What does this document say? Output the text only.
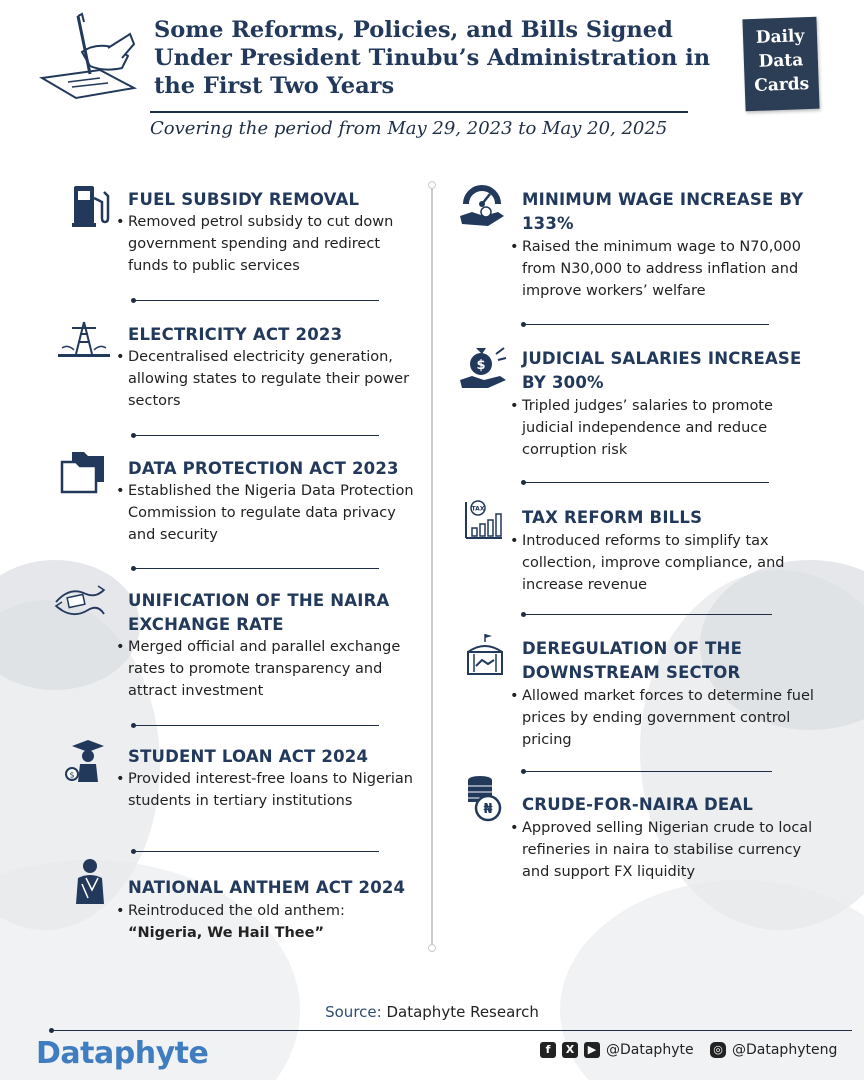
Some Reforms, Policies, and Bills Signed Under President Tinubu’s Administration in the First Two Years
Daily
Data
Cards
Covering the period from May 29, 2023 to May 20, 2025
FUEL SUBSIDY REMOVAL
• Removed petrol subsidy to cut down government spending and redirect funds to public services
ELECTRICITY ACT 2023
• Decentralised electricity generation, allowing states to regulate their power sectors
DATA PROTECTION ACT 2023
• Established the Nigeria Data Protection Commission to regulate data privacy and security
UNIFICATION OF THE NAIRA EXCHANGE RATE
• Merged official and parallel exchange rates to promote transparency and attract investment
$
STUDENT LOAN ACT 2024
• Provided interest-free loans to Nigerian students in tertiary institutions
NATIONAL ANTHEM ACT 2024
• Reintroduced the old anthem:
“Nigeria, We Hail Thee”
MINIMUM WAGE INCREASE BY 133%
• Raised the minimum wage to N70,000 from N30,000 to address inflation and improve workers’ welfare
$ JUDICIAL SALARIES INCREASE BY 300%
• Tripled judges’ salaries to promote judicial independence and reduce corruption risk
TAX TAX REFORM BILLS
• Introduced reforms to simplify tax collection, improve compliance, and increase revenue
DEREGULATION OF THE DOWNSTREAM SECTOR
• Allowed market forces to determine fuel prices by ending government control pricing
₦ CRUDE-FOR-NAIRA DEAL
• Approved selling Nigerian crude to local refineries in naira to stabilise currency and support FX liquidity
Source: Dataphyte Research
Dataphyte	f	X	▶ @Dataphyte ◎ @Dataphyteng
